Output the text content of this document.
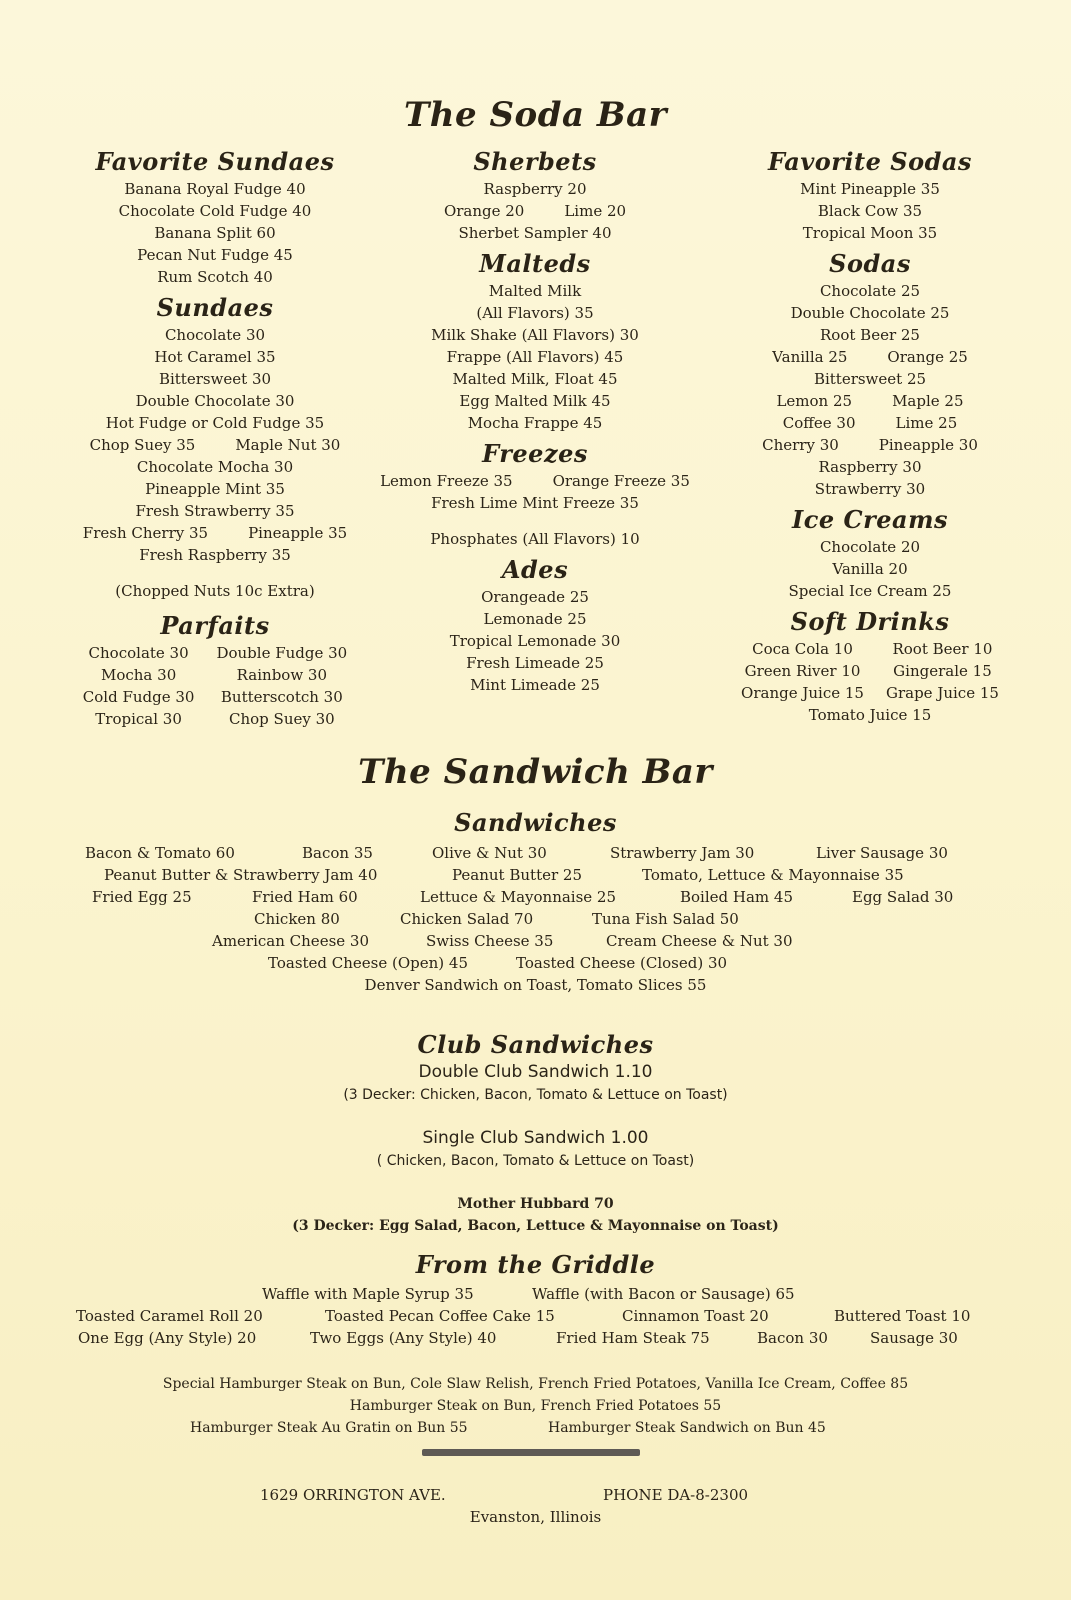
The Soda Bar
Favorite Sundaes
Banana Royal Fudge 40
Chocolate Cold Fudge 40
Banana Split 60
Pecan Nut Fudge 45
Rum Scotch 40
Sundaes
Chocolate 30
Hot Caramel 35
Bittersweet 30
Double Chocolate 30
Hot Fudge or Cold Fudge 35
Chop Suey 35	Maple Nut 30
Chocolate Mocha 30
Pineapple Mint 35
Fresh Strawberry 35
Fresh Cherry 35	Pineapple 35
Fresh Raspberry 35
(Chopped Nuts 10c Extra)
Parfaits
Chocolate 30	Double Fudge 30
Mocha 30	Rainbow 30
Cold Fudge 30 Butterscotch 30
Tropical 30	Chop Suey 30
Sherbets
Raspberry 20
Orange 20	Lime 20
Sherbet Sampler 40
Malteds
Malted Milk
(All Flavors) 35
Milk Shake (All Flavors) 30
Frappe (All Flavors) 45
Malted Milk, Float 45
Egg Malted Milk 45
Mocha Frappe 45
Freezes
Lemon Freeze 35	Orange Freeze 35
Fresh Lime Mint Freeze 35
Phosphates (All Flavors) 10
Ades
Orangeade 25
Lemonade 25
Tropical Lemonade 30
Fresh Limeade 25
Mint Limeade 25
Favorite Sodas
Mint Pineapple 35
Black Cow 35
Tropical Moon 35
Sodas
Chocolate 25
Double Chocolate 25
Root Beer 25
Vanilla 25	Orange 25
Bittersweet 25
Lemon 25	Maple 25
Coffee 30	Lime 25
Cherry 30	Pineapple 30
Raspberry 30
Strawberry 30
Ice Creams
Chocolate 20
Vanilla 20
Special Ice Cream 25
Soft Drinks
Coca Cola 10	Root Beer 10
Green River 10	Gingerale 15
Orange Juice 15 Grape Juice 15
Tomato Juice 15
The Sandwich Bar
Sandwiches
Bacon & Tomato 60	Bacon 35	Olive & Nut 30	Strawberry Jam 30	Liver Sausage 30
Peanut Butter & Strawberry Jam 40	Peanut Butter 25	Tomato, Lettuce & Mayonnaise 35
Fried Egg 25	Fried Ham 60	Lettuce & Mayonnaise 25	Boiled Ham 45	Egg Salad 30
Chicken 80	Chicken Salad 70	Tuna Fish Salad 50
American Cheese 30	Swiss Cheese 35	Cream Cheese & Nut 30
Toasted Cheese (Open) 45	Toasted Cheese (Closed) 30
Denver Sandwich on Toast, Tomato Slices 55
Club Sandwiches
Double Club Sandwich 1.10
(3 Decker: Chicken, Bacon, Tomato & Lettuce on Toast)
Single Club Sandwich 1.00
( Chicken, Bacon, Tomato & Lettuce on Toast)
Mother Hubbard 70
(3 Decker: Egg Salad, Bacon, Lettuce & Mayonnaise on Toast)
From the Griddle
Waffle with Maple Syrup 35	Waffle (with Bacon or Sausage) 65
Toasted Caramel Roll 20	Toasted Pecan Coffee Cake 15	Cinnamon Toast 20	Buttered Toast 10
One Egg (Any Style) 20	Two Eggs (Any Style) 40	Fried Ham Steak 75	Bacon 30	Sausage 30
Special Hamburger Steak on Bun, Cole Slaw Relish, French Fried Potatoes, Vanilla Ice Cream, Coffee 85
Hamburger Steak on Bun, French Fried Potatoes 55
Hamburger Steak Au Gratin on Bun 55	Hamburger Steak Sandwich on Bun 45
1629 ORRINGTON AVE.	PHONE DA-8-2300
Evanston, Illinois
